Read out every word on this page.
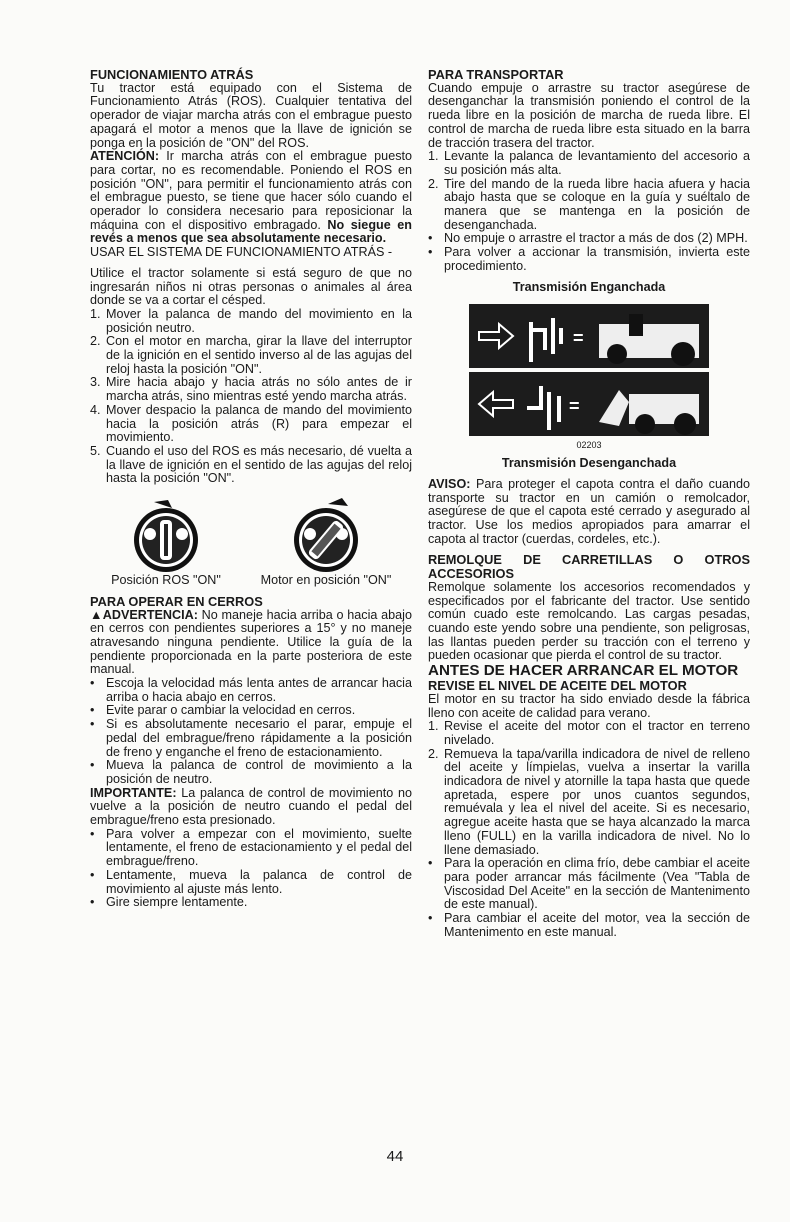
FUNCIONAMIENTO ATRÁS

Tu tractor está equipado con el Sistema de Funcionamiento Atrás (ROS). Cualquier tentativa del operador de viajar marcha atrás con el embrague puesto apagará el motor a menos que la llave de ignición se ponga en la posición de "ON" del ROS.

ATENCIÓN: Ir marcha atrás con el embrague puesto para cortar, no es recomendable. Poniendo el ROS en posición "ON", para permitir el funcionamiento atrás con el embrague puesto, se tiene que hacer sólo cuando el operador lo considera necesario para reposicionar la máquina con el dispositivo embragado. No siegue en revés a menos que sea absolutamente necesario.

USAR EL SISTEMA DE FUNCIONAMIENTO ATRÁS -

Utilice el tractor solamente si está seguro de que no ingresarán niños ni otras personas o animales al área donde se va a cortar el césped.

1. Mover la palanca de mando del movimiento en la posición neutro.
2. Con el motor en marcha, girar la llave del interruptor de la ignición en el sentido inverso al de las agujas del reloj hasta la posición "ON".
3. Mire hacia abajo y hacia atrás no sólo antes de ir marcha atrás, sino mientras esté yendo marcha atrás.
4. Mover despacio la palanca de mando del movimiento hacia la posición atrás (R) para empezar el movimiento.
5. Cuando el uso del ROS es más necesario, dé vuelta a la llave de ignición en el sentido de las agujas del reloj hasta la posición "ON".
Posición ROS "ON"	Motor en posición "ON"

PARA OPERAR EN CERROS

▲ADVERTENCIA: No maneje hacia arriba o hacia abajo en cerros con pendientes superiores a 15° y no maneje atravesando ninguna pendiente. Utilice la guía de la pendiente proporcionada en la parte posteriora de este manual.

• Escoja la velocidad más lenta antes de arrancar hacia arriba o hacia abajo en cerros.
• Evite parar o cambiar la velocidad en cerros.
• Si es absolutamente necesario el parar, empuje el pedal del embrague/freno rápidamente a la posición de freno y enganche el freno de estacionamiento.
• Mueva la palanca de control de movimiento a la posición de neutro.

IMPORTANTE: La palanca de control de movimiento no vuelve a la posición de neutro cuando el pedal del embrague/freno esta presionado.

• Para volver a empezar con el movimiento, suelte lentamente, el freno de estacionamiento y el pedal del embrague/freno.
• Lentamente, mueva la palanca de control de movimiento al ajuste más lento.
• Gire siempre lentamente.

PARA TRANSPORTAR

Cuando empuje o arrastre su tractor asegúrese de desenganchar la transmisión poniendo el control de la rueda libre en la posición de marcha de rueda libre. El control de marcha de rueda libre esta situado en la barra de tracción trasera del tractor.

1. Levante la palanca de levantamiento del accesorio a su posición más alta.
2. Tire del mando de la rueda libre hacia afuera y hacia abajo hasta que se coloque en la guía y suéltalo de manera que se mantenga en la posición de desenganchada.
• No empuje o arrastre el tractor a más de dos (2) MPH.
• Para volver a accionar la transmisión, invierta este procedimiento.

Transmisión Enganchada

=
=

02203

Transmisión Desenganchada

AVISO: Para proteger el capota contra el daño cuando transporte su tractor en un camión o remolcador, asegúrese de que el capota esté cerrado y asegurado al tractor. Use los medios apropiados para amarrar el capota al tractor (cuerdas, cordeles, etc.).

REMOLQUE DE CARRETILLAS O OTROS ACCESORIOS

Remolque solamente los accesorios recomendados y especificados por el fabricante del tractor. Use sentido común cuado este remolcando. Las cargas pesadas, cuando este yendo sobre una pendiente, son peligrosas, las llantas pueden perder su tracción con el terreno y pueden ocasionar que pierda el control de su tractor.

ANTES DE HACER ARRANCAR EL MOTOR

REVISE EL NIVEL DE ACEITE DEL MOTOR

El motor en su tractor ha sido enviado desde la fábrica lleno con aceite de calidad para verano.

1. Revise el aceite del motor con el tractor en terreno nivelado.
2. Remueva la tapa/varilla indicadora de nivel de relleno del aceite y límpielas, vuelva a insertar la varilla indicadora de nivel y atornille la tapa hasta que quede apretada, espere por unos cuantos segundos, remuévala y lea el nivel del aceite. Si es necesario, agregue aceite hasta que se haya alcanzado la marca lleno (FULL) en la varilla indicadora de nivel. No lo llene demasiado.
• Para la operación en clima frío, debe cambiar el aceite para poder arrancar más fácilmente (Vea "Tabla de Viscosidad Del Aceite" en la sección de Mantenimento de este manual).
• Para cambiar el aceite del motor, vea la sección de Mantenimento en este manual.
44
